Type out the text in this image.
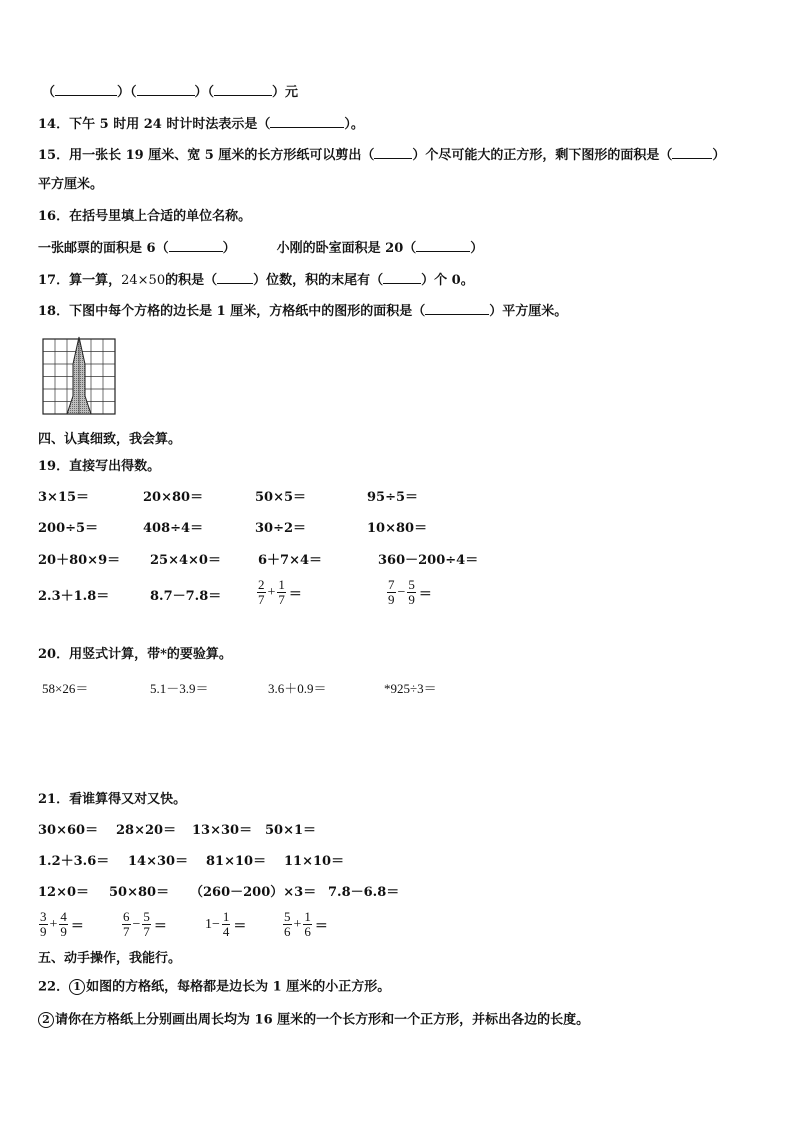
（	）（	）（	）元
14．下午 5 时用 24 时计时法表示是（	）。
15．用一张长 19 厘米、宽 5 厘米的长方形纸可以剪出（	）个尽可能大的正方形，剩下图形的面积是（	）
平方厘米。
16．在括号里填上合适的单位名称。
一张邮票的面积是 6（	）	小刚的卧室面积是 20（	）
17．算一算，24×50的积是（	）位数，积的末尾有（	）个 0。
18．下图中每个方格的边长是 1 厘米，方格纸中的图形的面积是（	）平方厘米。
四、认真细致，我会算。
19．直接写出得数。
3×15＝	20×80＝	50×5＝	95÷5＝
200÷5＝	408÷4＝	30÷2＝	10×80＝
20＋80×9＝ 25×4×0＝	6＋7×4＝	360－200÷4＝
2.3＋1.8＝	8.7－7.8＝	$\frac{2}{7} + \frac{1}{7}$ ＝	$\frac{7}{9} - \frac{5}{9}$ ＝
20．用竖式计算，带*的要验算。
58×26＝	5.1－3.9＝	3.6＋0.9＝	*925÷3＝
21．看谁算得又对又快。
30×60＝ 28×20＝ 13×30＝ 50×1＝
1.2＋3.6＝ 14×30＝ 81×10＝ 11×10＝
12×0＝ 50×80＝ （260－200）×3＝ 7.8－6.8＝
$\frac{3}{9} + \frac{4}{9}$ ＝	$\frac{6}{7} - \frac{5}{7}$ ＝	$1- \frac{1}{4}$ ＝	$\frac{5}{6} + \frac{1}{6}$ ＝
五、动手操作，我能行。
22． 1 如图的方格纸，每格都是边长为 1 厘米的小正方形。
2 请你在方格纸上分别画出周长均为 16 厘米的一个长方形和一个正方形，并标出各边的长度。
